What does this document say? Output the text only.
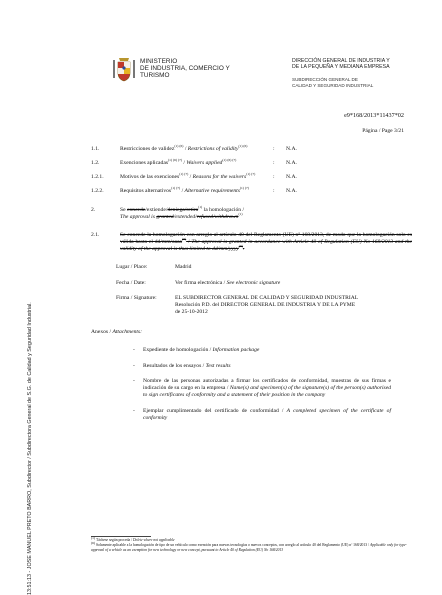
13:51:13 - JOSE MANUEL PRETO BARRO, Subdirector / Subdirectora General de S.G. de Calidad y Seguridad Industrial.
MINISTERIO
DE INDUSTRIA, COMERCIO Y
TURISMO
DIRECCIÓN GENERAL DE INDUSTRIA Y
DE LA PEQUEÑA Y MEDIANA EMPRESA
SUBDIRECCIÓN GENERAL DE
CALIDAD Y SEGURIDAD INDUSTRIAL
e9*168/2013*11437*02
Página / Page 3/21
1.1.	Restricciones de validez$^{(1) (6)}$ / Restrictions of validity$^{(1) (6)}$	: N.A.
1.2.	Exenciones aplicadas$^{(1) (6) (7)}$ / Waivers applied$^{(1) (6) (7)}$	: N.A.
1.2.1.	Motivos de las exenciones$^{(1) (7)}$ / Reasons for the waivers$^{(1) (7)}$	: N.A.
1.2.2.	Requisitos alternativos$^{(1) (7)}$ / Alternative requirements$^{(1) (7)}$	: N.A.
2.	Se concede/extiende/deniega/retira$^{(1)}$ la homologación /
The approval is granted/extended/refused/withdrawn$^{(1)}$
2.1.	Se concede la homologación con arreglo al artículo 40 del Reglamento (UE) nº 168/2013, de modo que la homologación solo es válida hasta el dd/mm/aaaa$^{(8)}$ / The approval is granted in accordance with Article 40 of Regulation (EU) No 168/2013 and the validity of the approval is thus limited to dd/mm/yyyy$^{(8)}$.
Lugar / Place:	Madrid
Fecha / Date:	Ver firma electrónica / See electronic signature
Firma / Signature:	EL SUBDIRECTOR GENERAL DE CALIDAD Y SEGURIDAD INDUSTRIAL
Resolución P.D. del DIRECTOR GENERAL DE INDUSTRIA Y DE LA PYME
de 25-10-2012
Anexos / Attachments:
- Expediente de homologación / Information package
- Resultados de los ensayos / Test results
- Nombre de las personas autorizadas a firmar los certificados de conformidad, muestras de sus firmas e indicación de su cargo en la empresa / Name(s) and specimen(s) of the signature(s) of the person(s) authorised to sign certificates of conformity and a statement of their position in the company
- Ejemplar cumplimentado del certificado de conformidad / A completed specimen of the certificate of conformity
$^{(1)}$ Táchese según proceda / Delete where not applicable
$^{(6)}$ Solamente aplicable a la homologación de tipo de un vehículo como exención para nuevas tecnologías o nuevos conceptos, con arreglo al artículo 40 del Reglamento (UE) nº 168/2013 / Applicable only for type-approval of a vehicle as an exemption for new technology or new concept, pursuant to Article 40 of Regulation (EU) No 168/2013
